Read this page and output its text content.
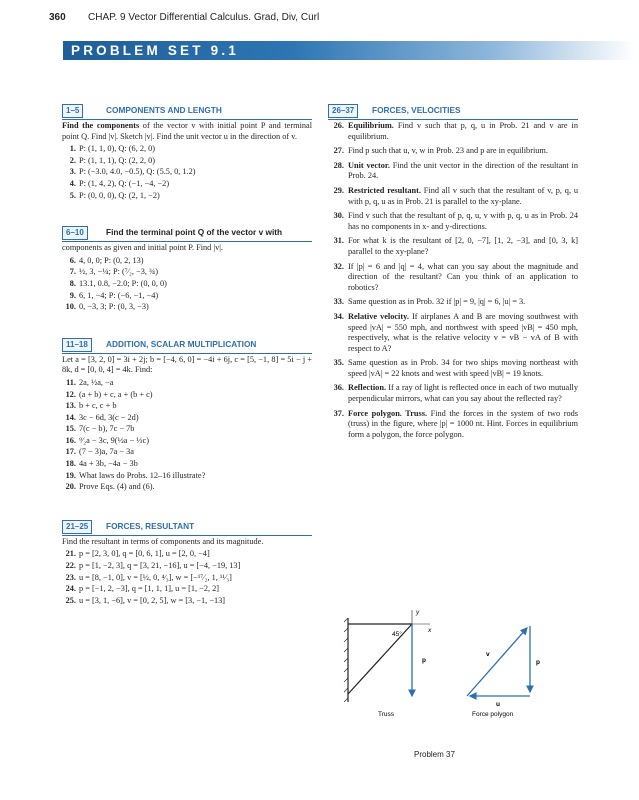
360 CHAP. 9 Vector Differential Calculus. Grad, Div, Curl
PROBLEM SET 9.1
1–5	COMPONENTS AND LENGTH

Find the components of the vector v with initial point P and terminal point Q. Find |v|. Sketch |v|. Find the unit vector u in the direction of v.

1. P: (1, 1, 0), Q: (6, 2, 0)
2. P: (1, 1, 1), Q: (2, 2, 0)
3. P: (−3.0, 4.0, −0.5), Q: (5.5, 0, 1.2)
4. P: (1, 4, 2), Q: (−1, −4, −2)
5. P: (0, 0, 0), Q: (2, 1, −2)
6–10	Find the terminal point Q of the vector v with

components as given and initial point P. Find |v|.

6. 4, 0, 0; P: (0, 2, 13)
7. ½, 3, −¼; P: (⁷⁄₂, −3, ¾)
8. 13.1, 0.8, −2.0; P: (0, 0, 0)
9. 6, 1, −4; P: (−6, −1, −4)
10. 0, −3, 3; P: (0, 3, −3)
11–18	ADDITION, SCALAR MULTIPLICATION

Let a = [3, 2, 0] = 3i + 2j; b = [−4, 6, 0] = −4i + 6j, c = [5, −1, 8] = 5i − j + 8k, d = [0, 0, 4] = 4k. Find:

11. 2a, ½a, −a
12. (a + b) + c, a + (b + c)
13. b + c, c + b
14. 3c − 6d, 3(c − 2d)
15. 7(c − b), 7c − 7b
16. ⁹⁄₂a − 3c, 9(½a − ⅓c)
17. (7 − 3)a, 7a − 3a
18. 4a + 3b, −4a − 3b
19. What laws do Probs. 12–16 illustrate?
20. Prove Eqs. (4) and (6).
21–25	FORCES, RESULTANT

Find the resultant in terms of components and its magnitude.

21. p = [2, 3, 0], q = [0, 6, 1], u = [2, 0, −4]
22. p = [1, −2, 3], q = [3, 21, −16], u = [−4, −19, 13]
23. u = [8, −1, 0], v = [½, 0, ⁴⁄₃], w = [−¹⁷⁄₂, 1, ¹¹⁄₃]
24. p = [−1, 2, −3], q = [1, 1, 1], u = [1, −2, 2]
25. u = [3, 1, −6], v = [0, 2, 5], w = [3, −1, −13]
26–37	FORCES, VELOCITIES
26. Equilibrium. Find v such that p, q, u in Prob. 21 and v are in equilibrium.
27. Find p such that u, v, w in Prob. 23 and p are in equilibrium.
28. Unit vector. Find the unit vector in the direction of the resultant in Prob. 24.
29. Restricted resultant. Find all v such that the resultant of v, p, q, u with p, q, u as in Prob. 21 is parallel to the xy-plane.
30. Find v such that the resultant of p, q, u, v with p, q, u as in Prob. 24 has no components in x- and y-directions.
31. For what k is the resultant of [2, 0, −7], [1, 2, −3], and [0, 3, k] parallel to the xy-plane?
32. If |p| = 6 and |q| = 4, what can you say about the magnitude and direction of the resultant? Can you think of an application to robotics?
33. Same question as in Prob. 32 if |p| = 9, |q| = 6, |u| = 3.
34. Relative velocity. If airplanes A and B are moving southwest with speed |vA| = 550 mph, and northwest with speed |vB| = 450 mph, respectively, what is the relative velocity v = vB − vA of B with respect to A?
35. Same question as in Prob. 34 for two ships moving northeast with speed |vA| = 22 knots and west with speed |vB| = 19 knots.
36. Reflection. If a ray of light is reflected once in each of two mutually perpendicular mirrors, what can you say about the reflected ray?
37. Force polygon. Truss. Find the forces in the system of two rods (truss) in the figure, where |p| = 1000 nt. Hint. Forces in equilibrium form a polygon, the force polygon.
y
x
45°
p
Truss
v
p
u
Force polygon
Problem 37
